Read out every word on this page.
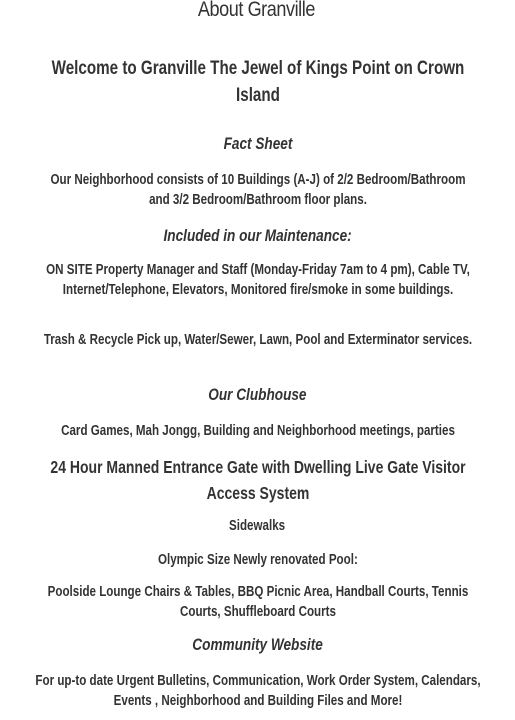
About Granville
Welcome to Granville The Jewel of Kings Point on Crown Island
Fact Sheet
Our Neighborhood consists of 10 Buildings (A-J) of 2/2 Bedroom/Bathroom and 3/2 Bedroom/Bathroom floor plans.
Included in our Maintenance:
ON SITE Property Manager and Staff (Monday-Friday 7am to 4 pm), Cable TV, Internet/Telephone, Elevators, Monitored fire/smoke in some buildings.
Trash & Recycle Pick up, Water/Sewer, Lawn, Pool and Exterminator services.
Our Clubhouse
Card Games, Mah Jongg, Building and Neighborhood meetings, parties
24 Hour Manned Entrance Gate with Dwelling Live Gate Visitor Access System
Sidewalks
Olympic Size Newly renovated Pool:
Poolside Lounge Chairs & Tables, BBQ Picnic Area, Handball Courts, Tennis Courts, Shuffleboard Courts
Community Website
For up-to date Urgent Bulletins, Communication, Work Order System, Calendars, Events , Neighborhood and Building Files and More!
